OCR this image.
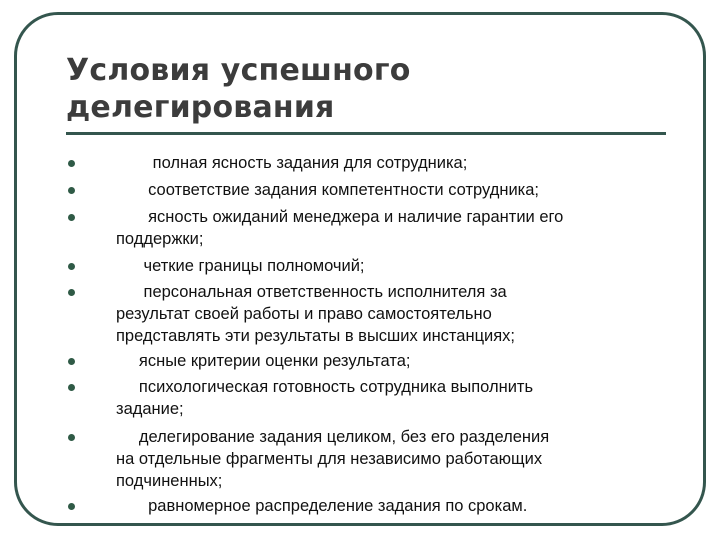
Условия успешного
делегирования
полная ясность задания для сотрудника;
соответствие задания компетентности сотрудника;
ясность ожиданий менеджера и наличие гарантии его
поддержки;
четкие границы полномочий;
персональная ответственность исполнителя за
результат своей работы и право самостоятельно
представлять эти результаты в высших инстанциях;
ясные критерии оценки результата;
психологическая готовность сотрудника выполнить
задание;
делегирование задания целиком, без его разделения
на отдельные фрагменты для независимо работающих
подчиненных;
равномерное распределение задания по срокам.
